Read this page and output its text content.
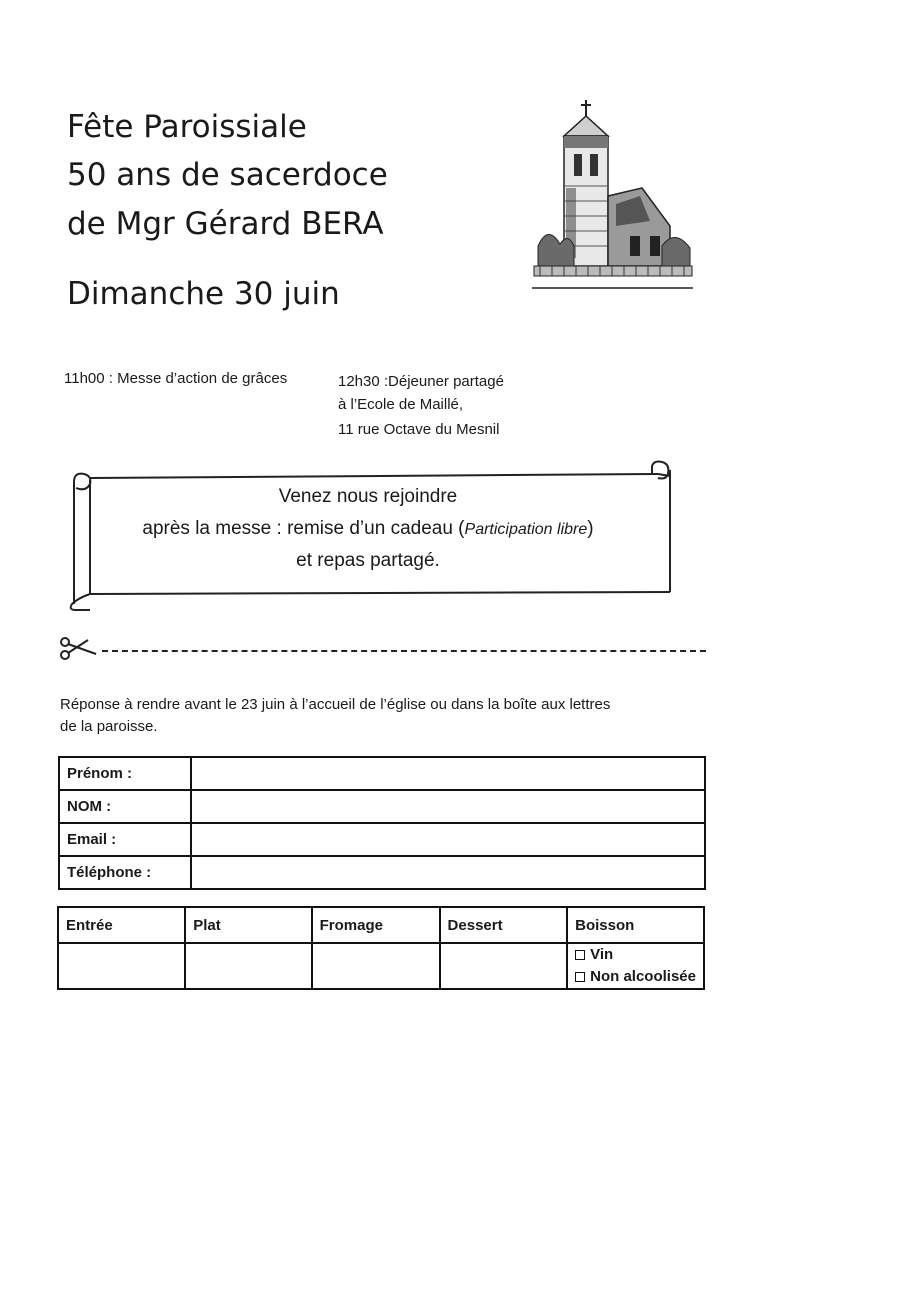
Fête Paroissiale
50 ans de sacerdoce
de Mgr Gérard BERA
Dimanche 30 juin
11h00 : Messe d’action de grâces	12h30 :Déjeuner partagé
à l’Ecole de Maillé,
11 rue Octave du Mesnil
Venez nous rejoindre
après la messe : remise d’un cadeau (Participation libre)
et repas partagé.
Réponse à rendre avant le 23 juin à l’accueil de l’église ou dans la boîte aux lettres
de la paroisse.
Prénom :	
NOM :	
Email :	
Téléphone :	
Entrée	Plat	Fromage	Dessert	Boisson

				Vin
Non alcoolisée
